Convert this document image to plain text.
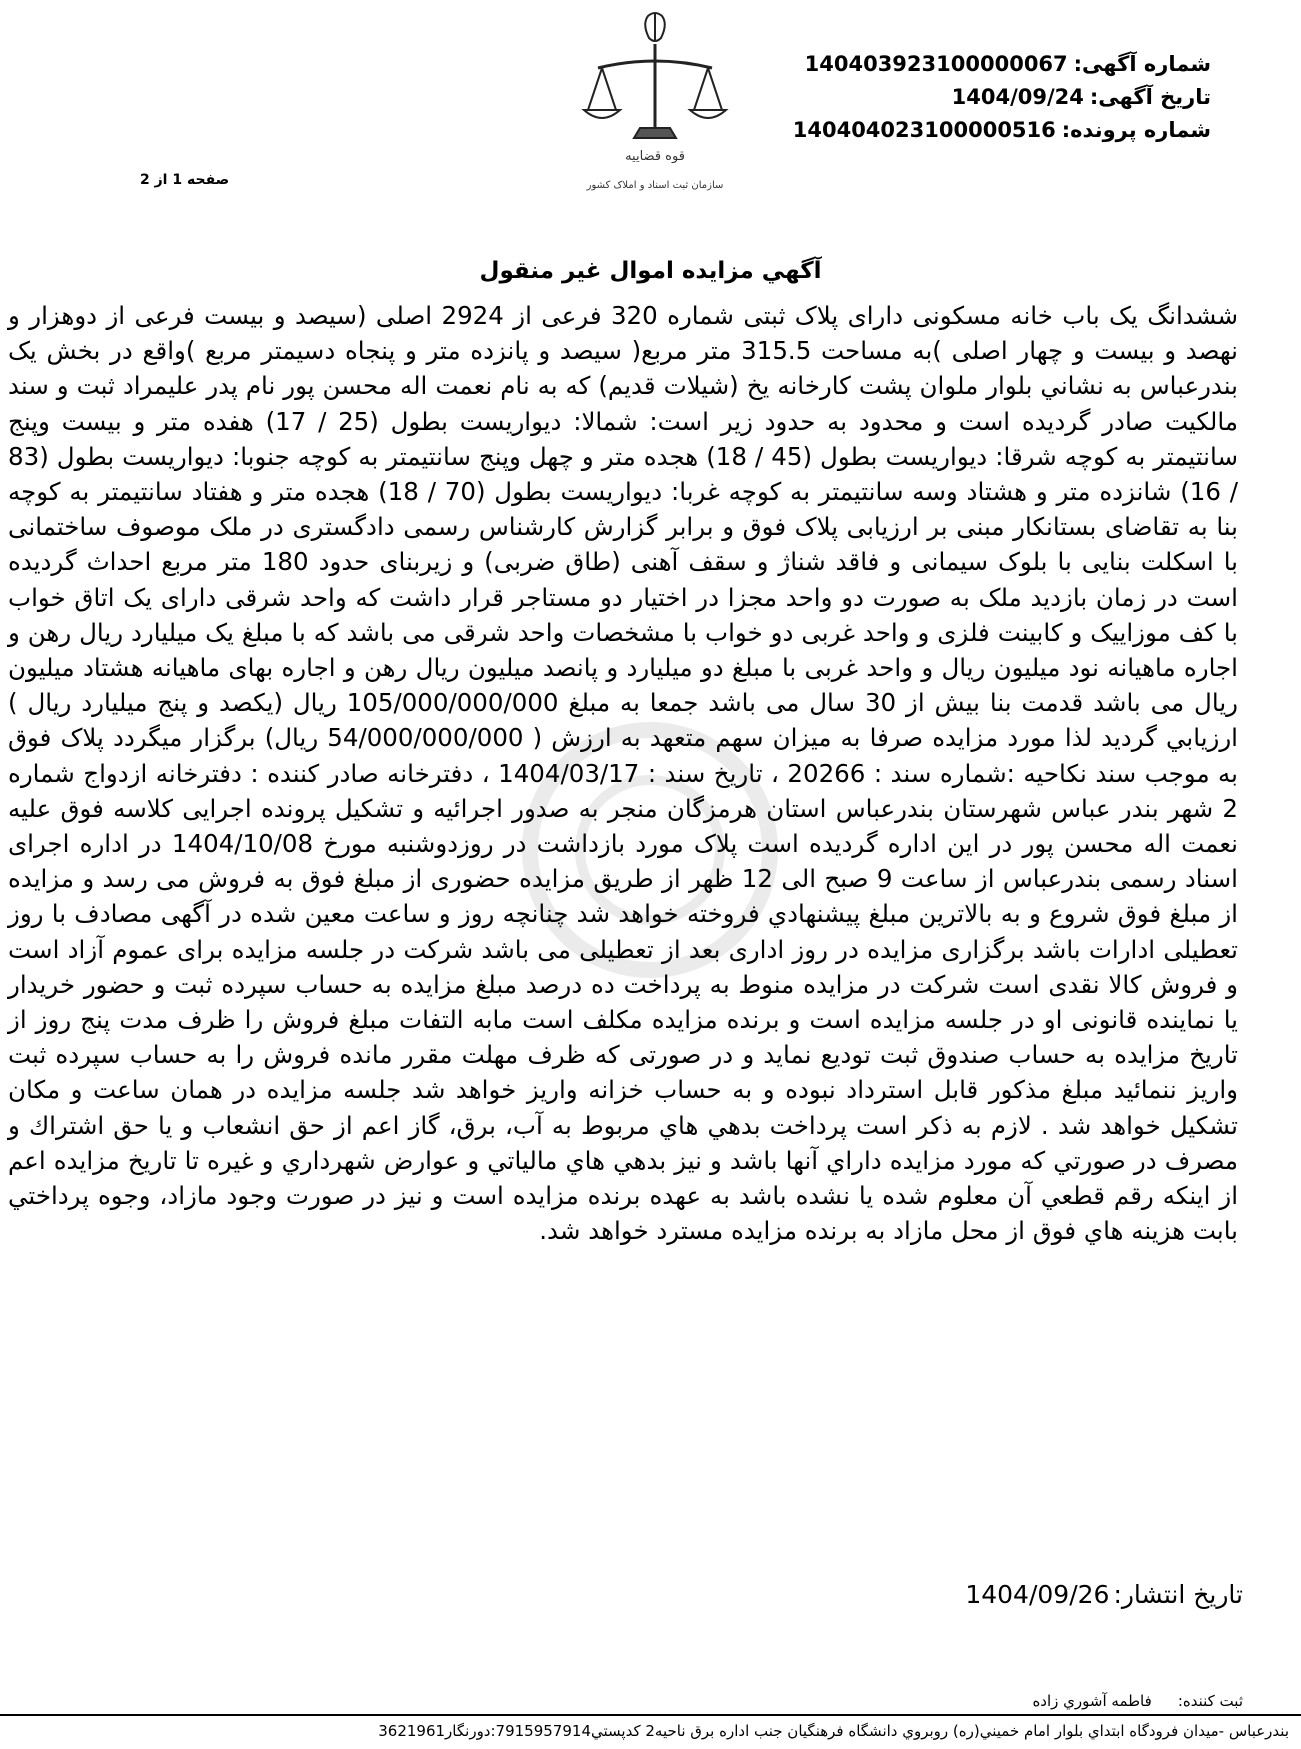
قوه قضاییه
سازمان ثبت اسناد و املاک کشور
شماره آگهی:140403923100000067
تاریخ آگهی:1404/09/24
شماره پرونده:140404023100000516
صفحه 1 از 2
آگهي مزايده اموال غير منقول
ششدانگ یک باب خانه مسکونی دارای پلاک ثبتی شماره 320 فرعی از 2924 اصلی (سیصد و بیست فرعی از دوهزار و نهصد و بیست و چهار اصلی )به مساحت 315.5 متر مربع( سیصد و پانزده متر و پنجاه دسیمتر مربع )واقع در بخش یک بندرعباس به نشاني بلوار ملوان پشت کارخانه یخ (شیلات قدیم) که به نام نعمت اله محسن پور نام پدر علیمراد ثبت و سند مالکیت صادر گردیده است و محدود به حدود زیر است: شمالا: دیواریست بطول (25 / 17) هفده متر و بیست وپنج سانتیمتر به کوچه شرقا: دیواریست بطول (45 / 18) هجده متر و چهل وپنج سانتیمتر به کوچه جنوبا: دیواریست بطول (83 / 16) شانزده متر و هشتاد وسه سانتیمتر به کوچه غربا: دیواریست بطول (70 / 18) هجده متر و هفتاد سانتیمتر به کوچه بنا به تقاضای بستانکار مبنی بر ارزیابی پلاک فوق و برابر گزارش کارشناس رسمی دادگستری در ملک موصوف ساختمانی با اسکلت بنایی با بلوک سیمانی و فاقد شناژ و سقف آهنی (طاق ضربی) و زیربنای حدود 180 متر مربع احداث گردیده است در زمان بازدید ملک به صورت دو واحد مجزا در اختیار دو مستاجر قرار داشت که واحد شرقی دارای یک اتاق خواب با کف موزاییک و کابینت فلزی و واحد غربی دو خواب با مشخصات واحد شرقی می باشد که با مبلغ یک میلیارد ریال رهن و اجاره ماهیانه نود میلیون ریال و واحد غربی با مبلغ دو میلیارد و پانصد میلیون ریال رهن و اجاره بهای ماهیانه هشتاد میلیون ریال می باشد قدمت بنا بیش از 30 سال می باشد جمعا به مبلغ 105/000/000/000 ریال (یکصد و پنج میلیارد ریال ) ارزیابي گردید لذا مورد مزایده صرفا به میزان سهم متعهد به ارزش ( 54/000/000/000 ریال) برگزار میگردد پلاک فوق به موجب سند نکاحیه :شماره سند : 20266 ، تاریخ سند : 1404/03/17 ، دفترخانه صادر کننده : دفترخانه ازدواج شماره 2 شهر بندر عباس شهرستان بندرعباس استان هرمزگان منجر به صدور اجرائیه و تشکیل پرونده اجرایی کلاسه فوق علیه نعمت اله محسن پور در این اداره گردیده است پلاک مورد بازداشت در روزدوشنبه مورخ 1404/10/08 در اداره اجرای اسناد رسمی بندرعباس از ساعت 9 صبح الی 12 ظهر از طریق مزایده حضوری از مبلغ فوق به فروش می رسد و مزایده از مبلغ فوق شروع و به بالاترین مبلغ پیشنهادي فروخته خواهد شد چنانچه روز و ساعت معین شده در آگهی مصادف با روز تعطیلی ادارات باشد برگزاری مزایده در روز اداری بعد از تعطیلی می باشد شرکت در جلسه مزایده برای عموم آزاد است و فروش کالا نقدی است شرکت در مزایده منوط به پرداخت ده درصد مبلغ مزایده به حساب سپرده ثبت و حضور خریدار یا نماینده قانونی او در جلسه مزایده است و برنده مزایده مکلف است مابه التفات مبلغ فروش را ظرف مدت پنج روز از تاریخ مزایده به حساب صندوق ثبت تودیع نماید و در صورتی که ظرف مهلت مقرر مانده فروش را به حساب سپرده ثبت واریز ننمائید مبلغ مذکور قابل استرداد نبوده و به حساب خزانه واریز خواهد شد جلسه مزایده در همان ساعت و مکان تشکیل خواهد شد . لازم به ذکر است پرداخت بدهي هاي مربوط به آب، برق، گاز اعم از حق انشعاب و یا حق اشتراك و مصرف در صورتي که مورد مزایده داراي آنها باشد و نیز بدهي هاي مالیاتي و عوارض شهرداري و غیره تا تاریخ مزایده اعم از اینکه رقم قطعي آن معلوم شده یا نشده باشد به عهده برنده مزایده است و نیز در صورت وجود مازاد، وجوه پرداختي بابت هزینه هاي فوق از محل مازاد به برنده مزایده مسترد خواهد شد.
تاریخ انتشار:1404/09/26
ثبت کننده:فاطمه آشوري زاده
بندرعباس -میدان فرودگاه ابتداي بلوار امام خميني(ره) روبروي دانشگاه فرهنگيان جنب اداره برق ناحيه2 كدپستي7915957914:دورنگار3621961
